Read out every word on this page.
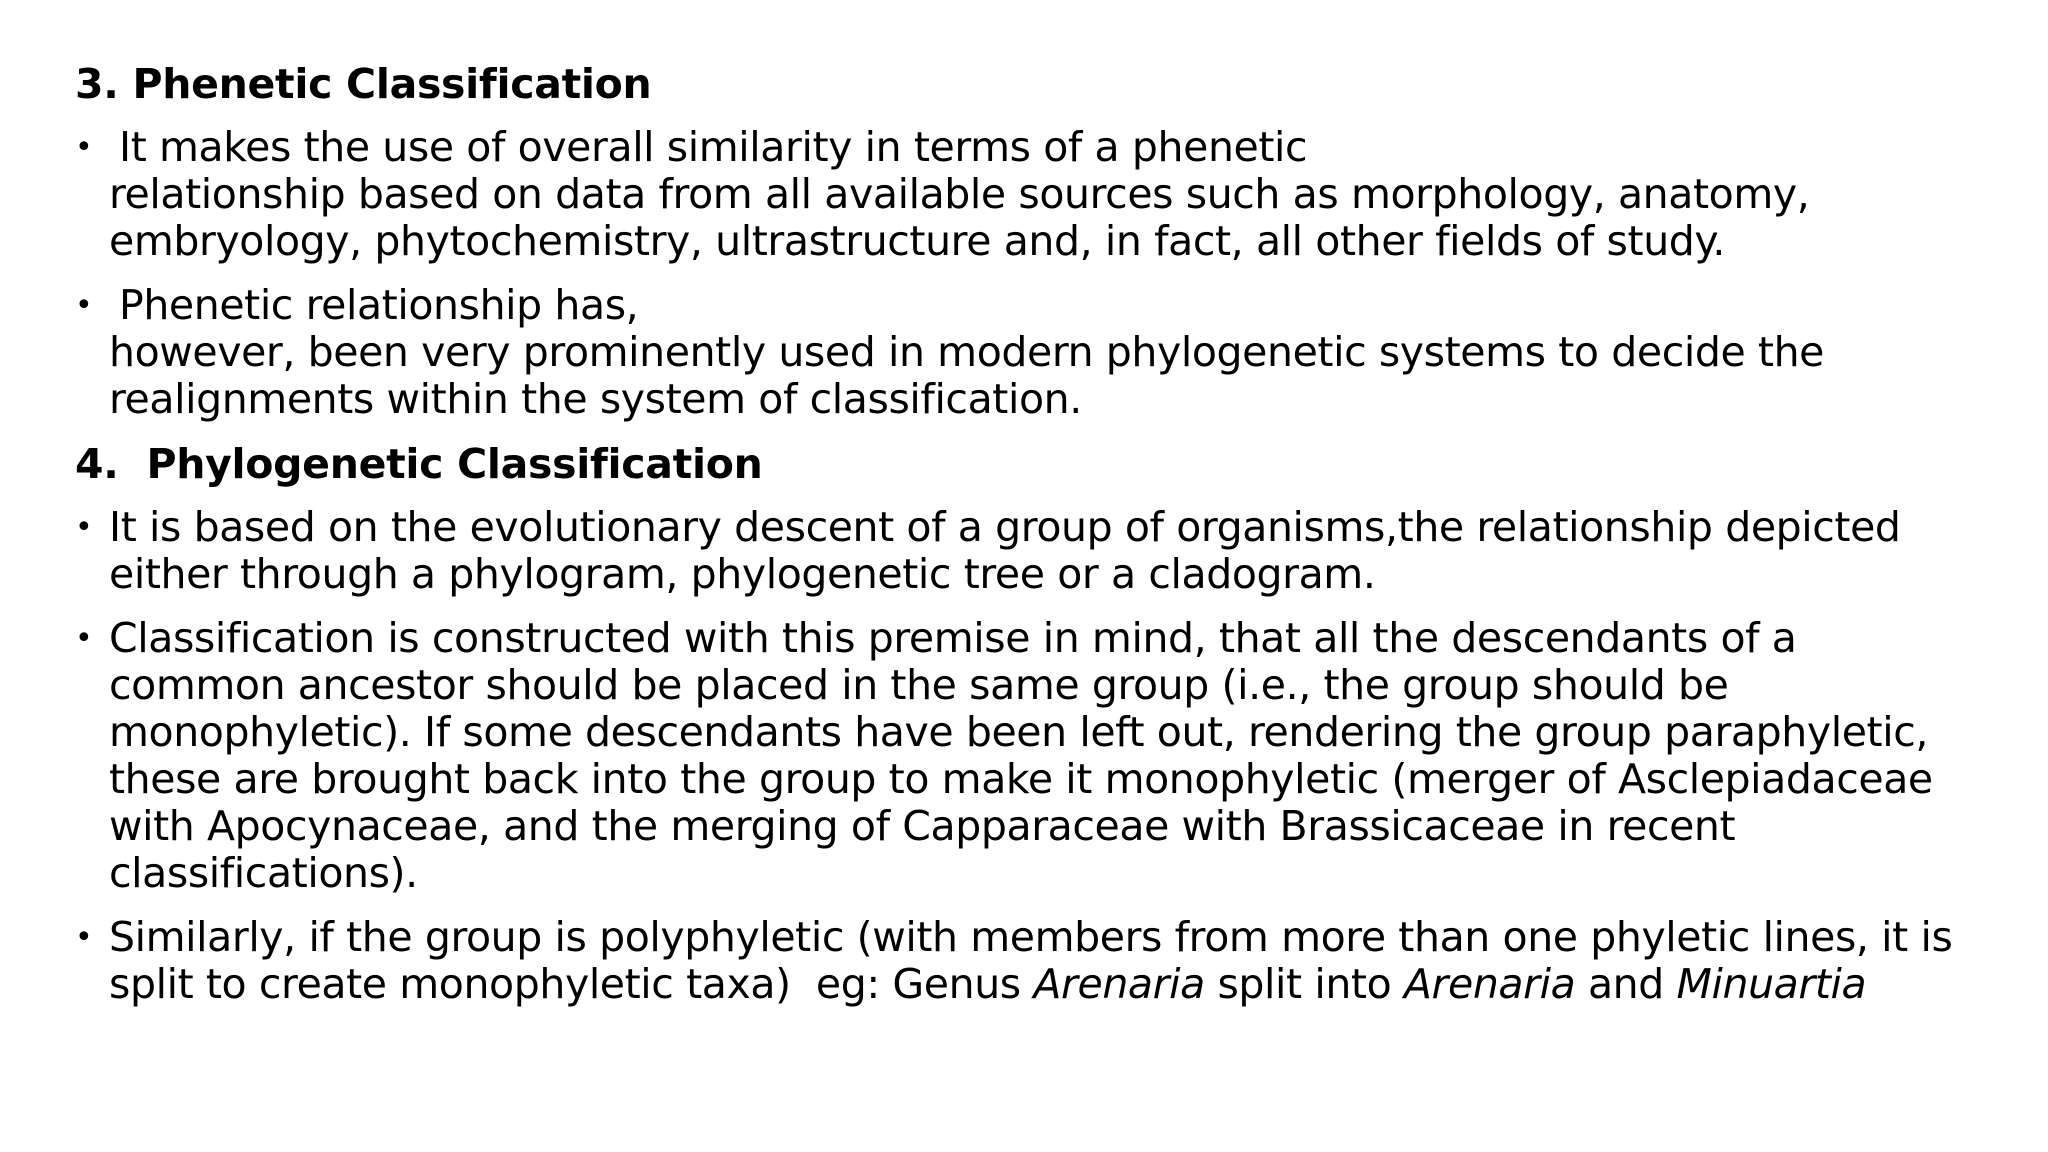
3. Phenetic Classification
• It makes the use of overall similarity in terms of a phenetic
relationship based on data from all available sources such as morphology, anatomy,
embryology, phytochemistry, ultrastructure and, in fact, all other fields of study.
• Phenetic relationship has,
however, been very prominently used in modern phylogenetic systems to decide the
realignments within the system of classification.
4.  Phylogenetic Classification
• It is based on the evolutionary descent of a group of organisms,the relationship depicted
either through a phylogram, phylogenetic tree or a cladogram.
• Classification is constructed with this premise in mind, that all the descendants of a
common ancestor should be placed in the same group (i.e., the group should be
monophyletic). If some descendants have been left out, rendering the group paraphyletic,
these are brought back into the group to make it monophyletic (merger of Asclepiadaceae
with Apocynaceae, and the merging of Capparaceae with Brassicaceae in recent
classifications).
• Similarly, if the group is polyphyletic (with members from more than one phyletic lines, it is
split to create monophyletic taxa)  eg: Genus Arenaria split into Arenaria and Minuartia
